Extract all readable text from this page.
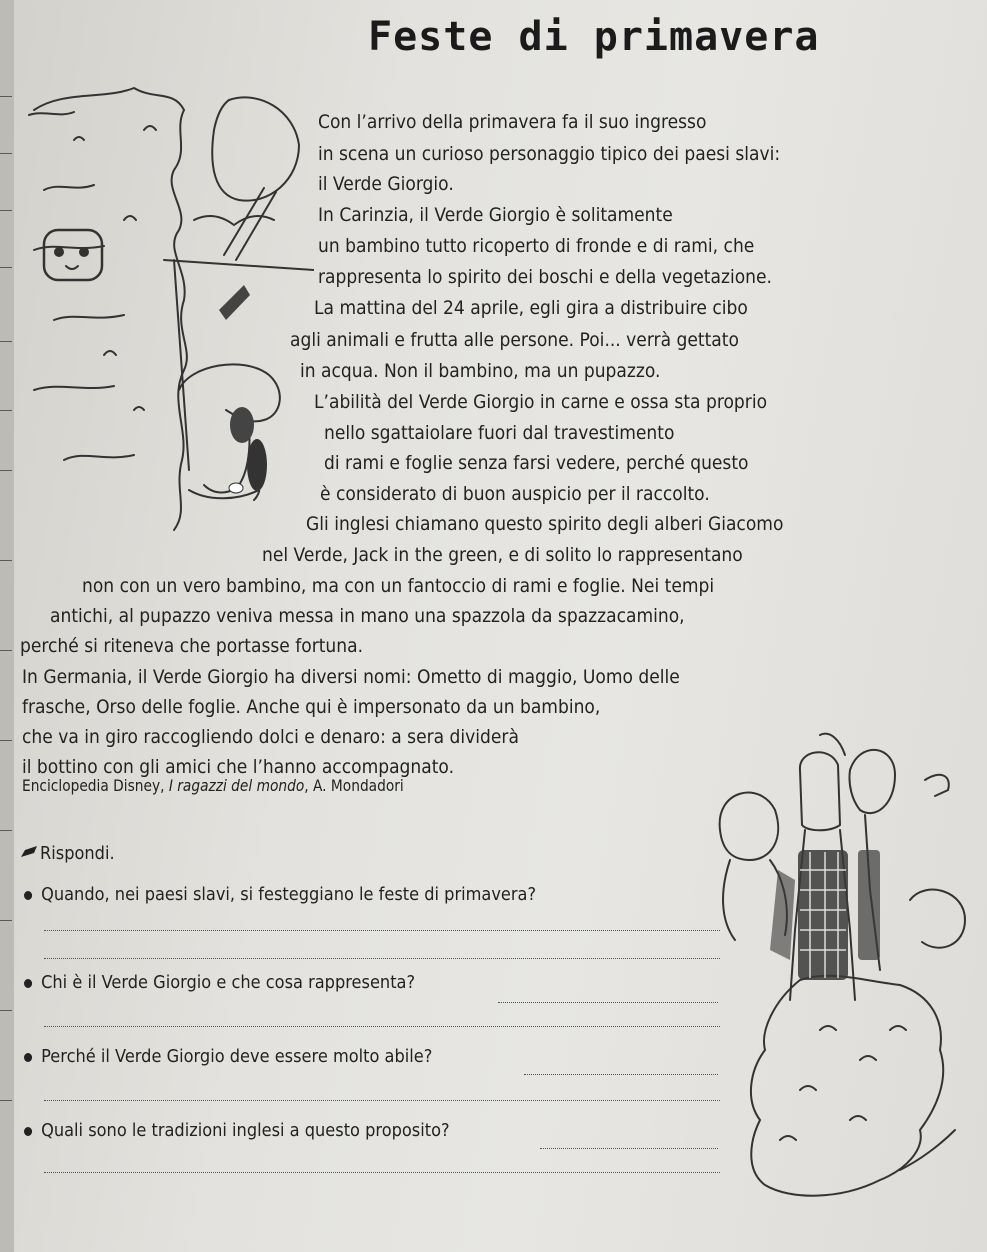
Feste di primavera
Con l’arrivo della primavera fa il suo ingresso
in scena un curioso personaggio tipico dei paesi slavi:
il Verde Giorgio.
In Carinzia, il Verde Giorgio è solitamente
un bambino tutto ricoperto di fronde e di rami, che
rappresenta lo spirito dei boschi e della vegetazione.
La mattina del 24 aprile, egli gira a distribuire cibo
agli animali e frutta alle persone. Poi... verrà gettato
in acqua. Non il bambino, ma un pupazzo.
L’abilità del Verde Giorgio in carne e ossa sta proprio
nello sgattaiolare fuori dal travestimento
di rami e foglie senza farsi vedere, perché questo
è considerato di buon auspicio per il raccolto.
Gli inglesi chiamano questo spirito degli alberi Giacomo
nel Verde, Jack in the green, e di solito lo rappresentano
non con un vero bambino, ma con un fantoccio di rami e foglie. Nei tempi
antichi, al pupazzo veniva messa in mano una spazzola da spazzacamino,
perché si riteneva che portasse fortuna.
In Germania, il Verde Giorgio ha diversi nomi: Ometto di maggio, Uomo delle
frasche, Orso delle foglie. Anche qui è impersonato da un bambino,
che va in giro raccogliendo dolci e denaro: a sera dividerà
il bottino con gli amici che l’hanno accompagnato.
Enciclopedia Disney, I ragazzi del mondo, A. Mondadori
Rispondi.
Quando, nei paesi slavi, si festeggiano le feste di primavera?
Chi è il Verde Giorgio e che cosa rappresenta?
Perché il Verde Giorgio deve essere molto abile?
Quali sono le tradizioni inglesi a questo proposito?
